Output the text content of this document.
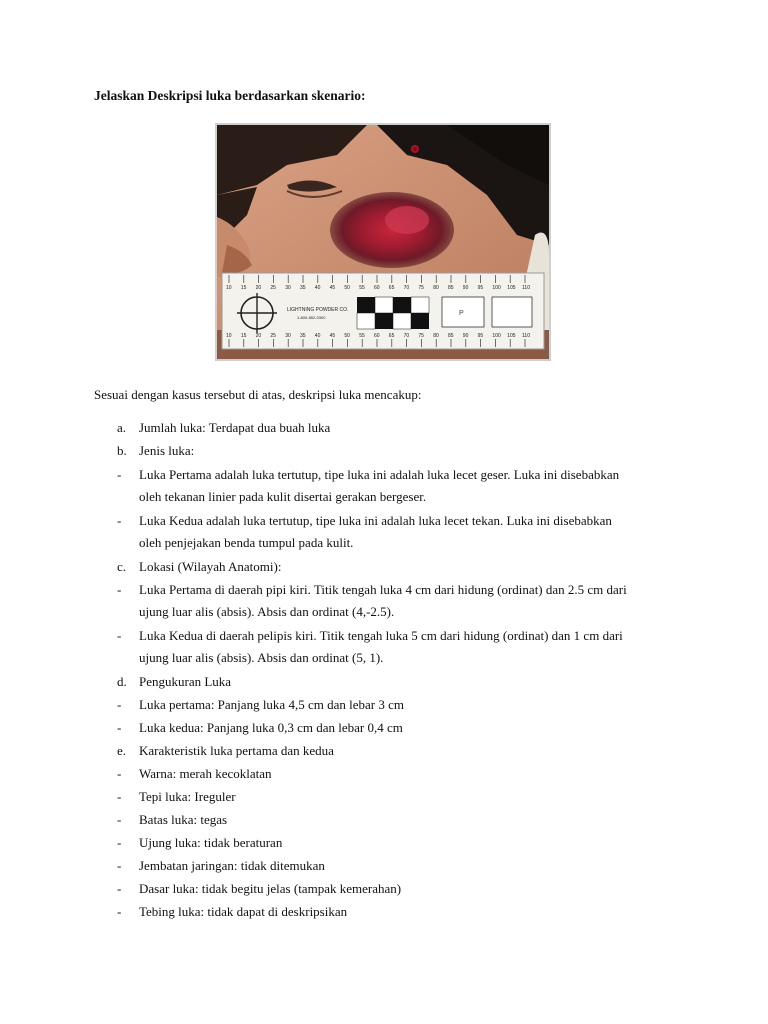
Jelaskan Deskripsi luka berdasarkan skenario:
10 15 20 25 30 35 40 45 50 55 60 65 70 75 80 85 90 95 100 105 110
10 15 20 25 30 35 40 45 50 55 60 65 70 75 80 85 90 95 100 105 110
LIGHTNING POWDER CO.
1-800-852-0300
P
Sesuai dengan kasus tersebut di atas, deskripsi luka mencakup:
a. Jumlah luka: Terdapat dua buah luka
b. Jenis luka:
- Luka Pertama adalah luka tertutup, tipe luka ini adalah luka lecet geser. Luka ini disebabkan
oleh tekanan linier pada kulit disertai gerakan bergeser.
- Luka Kedua adalah luka tertutup, tipe luka ini adalah luka lecet tekan. Luka ini disebabkan
oleh penjejakan benda tumpul pada kulit.
c. Lokasi (Wilayah Anatomi):
- Luka Pertama di daerah pipi kiri. Titik tengah luka 4 cm dari hidung (ordinat) dan 2.5 cm dari
ujung luar alis (absis). Absis dan ordinat (4,-2.5).
- Luka Kedua di daerah pelipis kiri. Titik tengah luka 5 cm dari hidung (ordinat) dan 1 cm dari
ujung luar alis (absis). Absis dan ordinat (5, 1).
d. Pengukuran Luka
- Luka pertama: Panjang luka 4,5 cm dan lebar 3 cm
- Luka kedua: Panjang luka 0,3 cm dan lebar 0,4 cm
e. Karakteristik luka pertama dan kedua
- Warna: merah kecoklatan
- Tepi luka: Ireguler
- Batas luka: tegas
- Ujung luka: tidak beraturan
- Jembatan jaringan: tidak ditemukan
- Dasar luka: tidak begitu jelas (tampak kemerahan)
- Tebing luka: tidak dapat di deskripsikan
